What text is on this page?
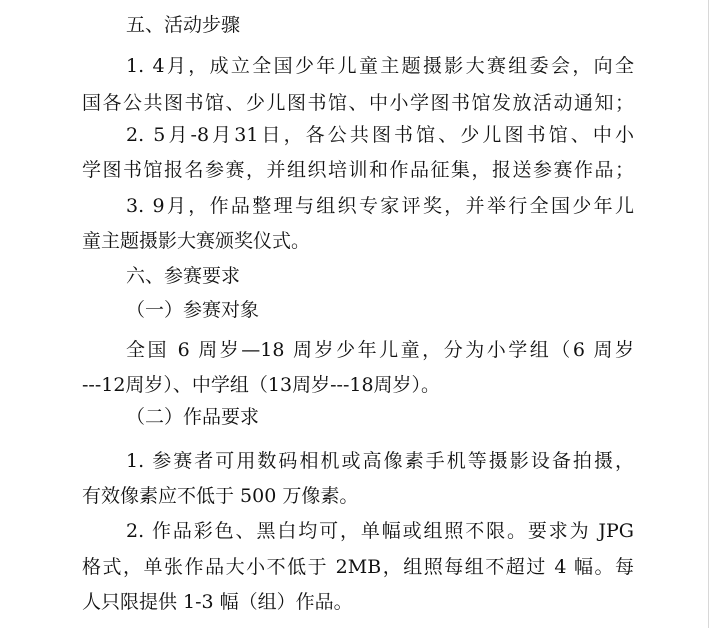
五、活动步骤
1. 4月，成立全国少年儿童主题摄影大赛组委会，向全
国各公共图书馆、少儿图书馆、中小学图书馆发放活动通知；
2. 5月-8月31日，各公共图书馆、少儿图书馆、中小
学图书馆报名参赛，并组织培训和作品征集，报送参赛作品；
3. 9月，作品整理与组织专家评奖，并举行全国少年儿
童主题摄影大赛颁奖仪式。
六、参赛要求
（一）参赛对象
全国 6 周岁—18 周岁少年儿童，分为小学组（6 周岁
---12周岁）、中学组（13周岁---18周岁）。
（二）作品要求
1. 参赛者可用数码相机或高像素手机等摄影设备拍摄，
有效像素应不低于 500 万像素。
2. 作品彩色、黑白均可，单幅或组照不限。要求为 JPG
格式，单张作品大小不低于 2MB，组照每组不超过 4 幅。每
人只限提供 1-3 幅（组）作品。
